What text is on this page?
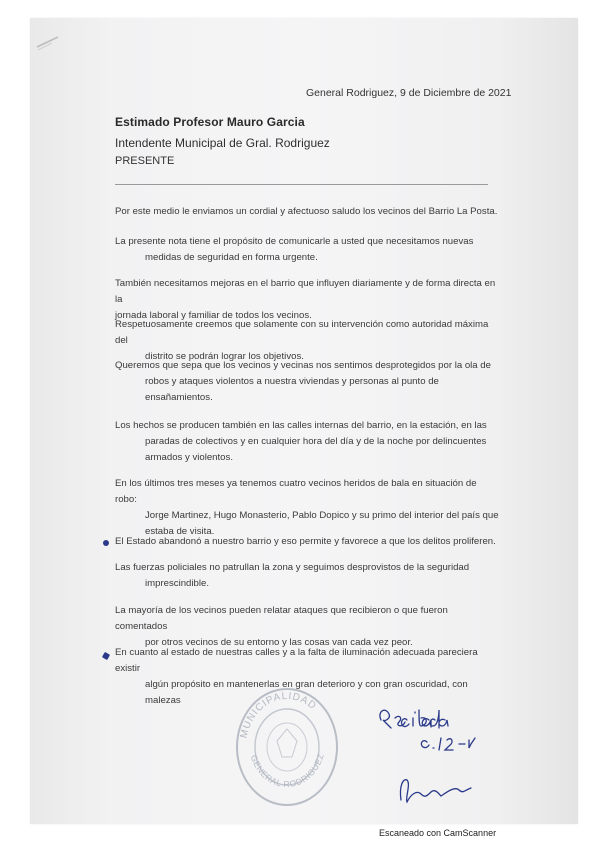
General Rodriguez, 9 de Diciembre de 2021
Estimado Profesor Mauro Garcia
Intendente Municipal de Gral. Rodriguez
PRESENTE
Por este medio le enviamos un cordial y afectuoso saludo los vecinos del Barrio La Posta.
La presente nota tiene el propósito de comunicarle a usted que necesitamos nuevas
medidas de seguridad en forma urgente.
También necesitamos mejoras en el barrio que influyen diariamente y de forma directa en la
jornada laboral y familiar de todos los vecinos.
Respetuosamente creemos que solamente con su intervención como autoridad máxima del
distrito se podrán lograr los objetivos.
Queremos que sepa que los vecinos y vecinas nos sentimos desprotegidos por la ola de
robos y ataques violentos a nuestra viviendas y personas al punto de
ensañamientos.
Los hechos se producen también en las calles internas del barrio, en la estación, en las
paradas de colectivos y en cualquier hora del día y de la noche por delincuentes
armados y violentos.
En los últimos tres meses ya tenemos cuatro vecinos heridos de bala en situación de robo:
Jorge Martinez, Hugo Monasterio, Pablo Dopico y su primo del interior del país que
estaba de visita.
El Estado abandonó a nuestro barrio y eso permite y favorece a que los delitos proliferen.
Las fuerzas policiales no patrullan la zona y seguimos desprovistos de la seguridad
imprescindible.
La mayoría de los vecinos pueden relatar ataques que recibieron o que fueron comentados
por otros vecinos de su entorno y las cosas van cada vez peor.
En cuanto al estado de nuestras calles y a la falta de iluminación adecuada pareciera existir
algún propósito en mantenerlas en gran deterioro y con gran oscuridad, con malezas
MUNICIPALIDAD
GENERAL RODRIGUEZ
Escaneado con CamScanner
